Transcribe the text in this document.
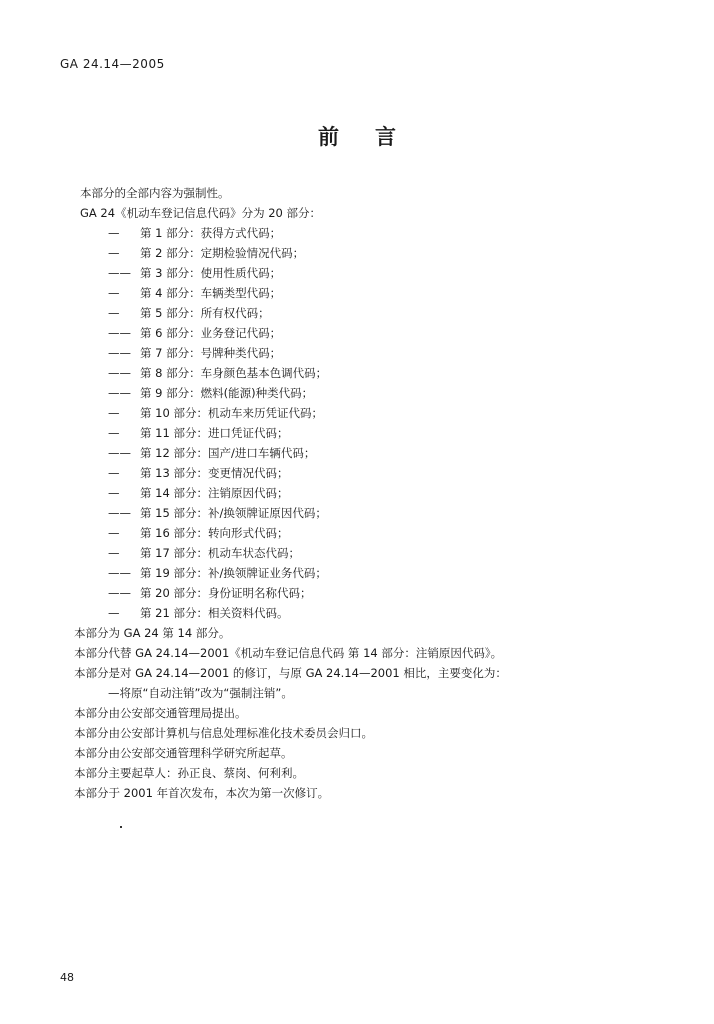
GA 24.14—2005
前言
本部分的全部内容为强制性。
GA 24《机动车登记信息代码》分为 20 部分：
— 第 1 部分：获得方式代码；
— 第 2 部分：定期检验情况代码；
—— 第 3 部分：使用性质代码；
— 第 4 部分：车辆类型代码；
— 第 5 部分：所有权代码；
—— 第 6 部分：业务登记代码；
—— 第 7 部分：号牌种类代码；
—— 第 8 部分：车身颜色基本色调代码；
—— 第 9 部分：燃料(能源)种类代码；
— 第 10 部分：机动车来历凭证代码；
— 第 11 部分：进口凭证代码；
—— 第 12 部分：国产/进口车辆代码；
— 第 13 部分：变更情况代码；
— 第 14 部分：注销原因代码；
—— 第 15 部分：补/换领牌证原因代码；
— 第 16 部分：转向形式代码；
— 第 17 部分：机动车状态代码；
—— 第 19 部分：补/换领牌证业务代码；
—— 第 20 部分：身份证明名称代码；
— 第 21 部分：相关资料代码。
本部分为 GA 24 第 14 部分。
本部分代替 GA 24.14—2001《机动车登记信息代码 第 14 部分：注销原因代码》。
本部分是对 GA 24.14—2001 的修订，与原 GA 24.14—2001 相比，主要变化为：
—将原“自动注销”改为“强制注销”。
本部分由公安部交通管理局提出。
本部分由公安部计算机与信息处理标准化技术委员会归口。
本部分由公安部交通管理科学研究所起草。
本部分主要起草人：孙正良、蔡岗、何利利。
本部分于 2001 年首次发布，本次为第一次修订。
48
